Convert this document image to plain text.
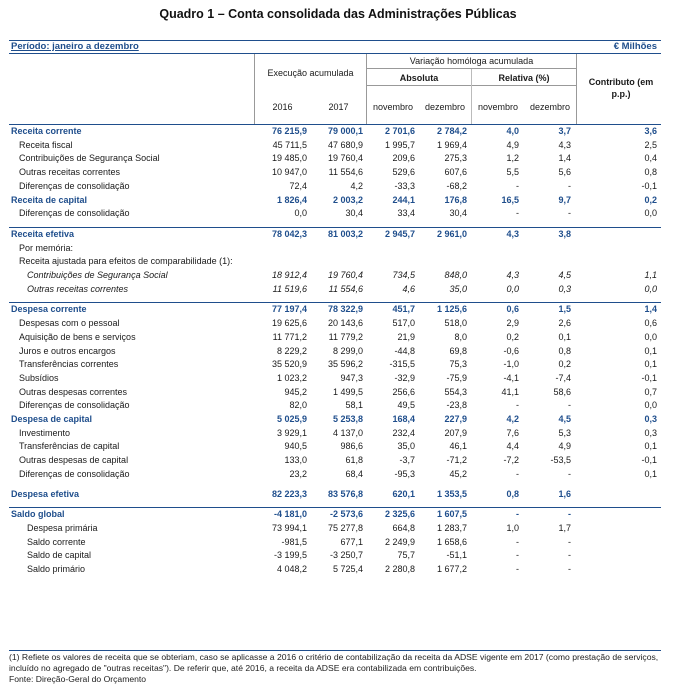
Quadro 1 – Conta consolidada das Administrações Públicas
Período: janeiro a dezembro	€ Milhões
Execução acumulada
Variação homóloga acumulada
Absoluta	Relativa (%)	Contributo (em p.p.)
2016	2017	novembro	dezembro	novembro	dezembro
Receita corrente	76 215,9	79 000,1	2 701,6	2 784,2	4,0	3,7	3,6
Receita fiscal	45 711,5	47 680,9	1 995,7	1 969,4	4,9	4,3	2,5
Contribuições de Segurança Social	19 485,0	19 760,4	209,6	275,3	1,2	1,4	0,4
Outras receitas correntes	10 947,0	11 554,6	529,6	607,6	5,5	5,6	0,8
Diferenças de consolidação	72,4	4,2	-33,3	-68,2	-	-	-0,1
Receita de capital	1 826,4	2 003,2	244,1	176,8	16,5	9,7	0,2
Diferenças de consolidação	0,0	30,4	33,4	30,4	-	-	0,0

Receita efetiva	78 042,3	81 003,2	2 945,7	2 961,0	4,3	3,8	
Por memória:							
Receita ajustada para efeitos de comparabilidade (1):							
Contribuições de Segurança Social	18 912,4	19 760,4	734,5	848,0	4,3	4,5	1,1
Outras receitas correntes	11 519,6	11 554,6	4,6	35,0	0,0	0,3	0,0

Despesa corrente	77 197,4	78 322,9	451,7	1 125,6	0,6	1,5	1,4
Despesas com o pessoal	19 625,6	20 143,6	517,0	518,0	2,9	2,6	0,6
Aquisição de bens e serviços	11 771,2	11 779,2	21,9	8,0	0,2	0,1	0,0
Juros e outros encargos	8 229,2	8 299,0	-44,8	69,8	-0,6	0,8	0,1
Transferências correntes	35 520,9	35 596,2	-315,5	75,3	-1,0	0,2	0,1
Subsídios	1 023,2	947,3	-32,9	-75,9	-4,1	-7,4	-0,1
Outras despesas correntes	945,2	1 499,5	256,6	554,3	41,1	58,6	0,7
Diferenças de consolidação	82,0	58,1	49,5	-23,8	-	-	0,0
Despesa de capital	5 025,9	5 253,8	168,4	227,9	4,2	4,5	0,3
Investimento	3 929,1	4 137,0	232,4	207,9	7,6	5,3	0,3
Transferências de capital	940,5	986,6	35,0	46,1	4,4	4,9	0,1
Outras despesas de capital	133,0	61,8	-3,7	-71,2	-7,2	-53,5	-0,1
Diferenças de consolidação	23,2	68,4	-95,3	45,2	-	-	0,1

Despesa efetiva	82 223,3	83 576,8	620,1	1 353,5	0,8	1,6	

Saldo global	-4 181,0	-2 573,6	2 325,6	1 607,5	-	-	
Despesa primária	73 994,1	75 277,8	664,8	1 283,7	1,0	1,7	
Saldo corrente	-981,5	677,1	2 249,9	1 658,6	-	-	
Saldo de capital	-3 199,5	-3 250,7	75,7	-51,1	-	-	
Saldo primário	4 048,2	5 725,4	2 280,8	1 677,2	-	-	
(1) Refiete os valores de receita que se obteriam, caso se aplicasse a 2016 o critério de contabilização da receita da ADSE vigente em 2017 (como prestação de serviços, incluído no agregado de "outras receitas"). De referir que, até 2016, a receita da ADSE era contabilizada em contribuições.
Fonte: Direção-Geral do Orçamento
